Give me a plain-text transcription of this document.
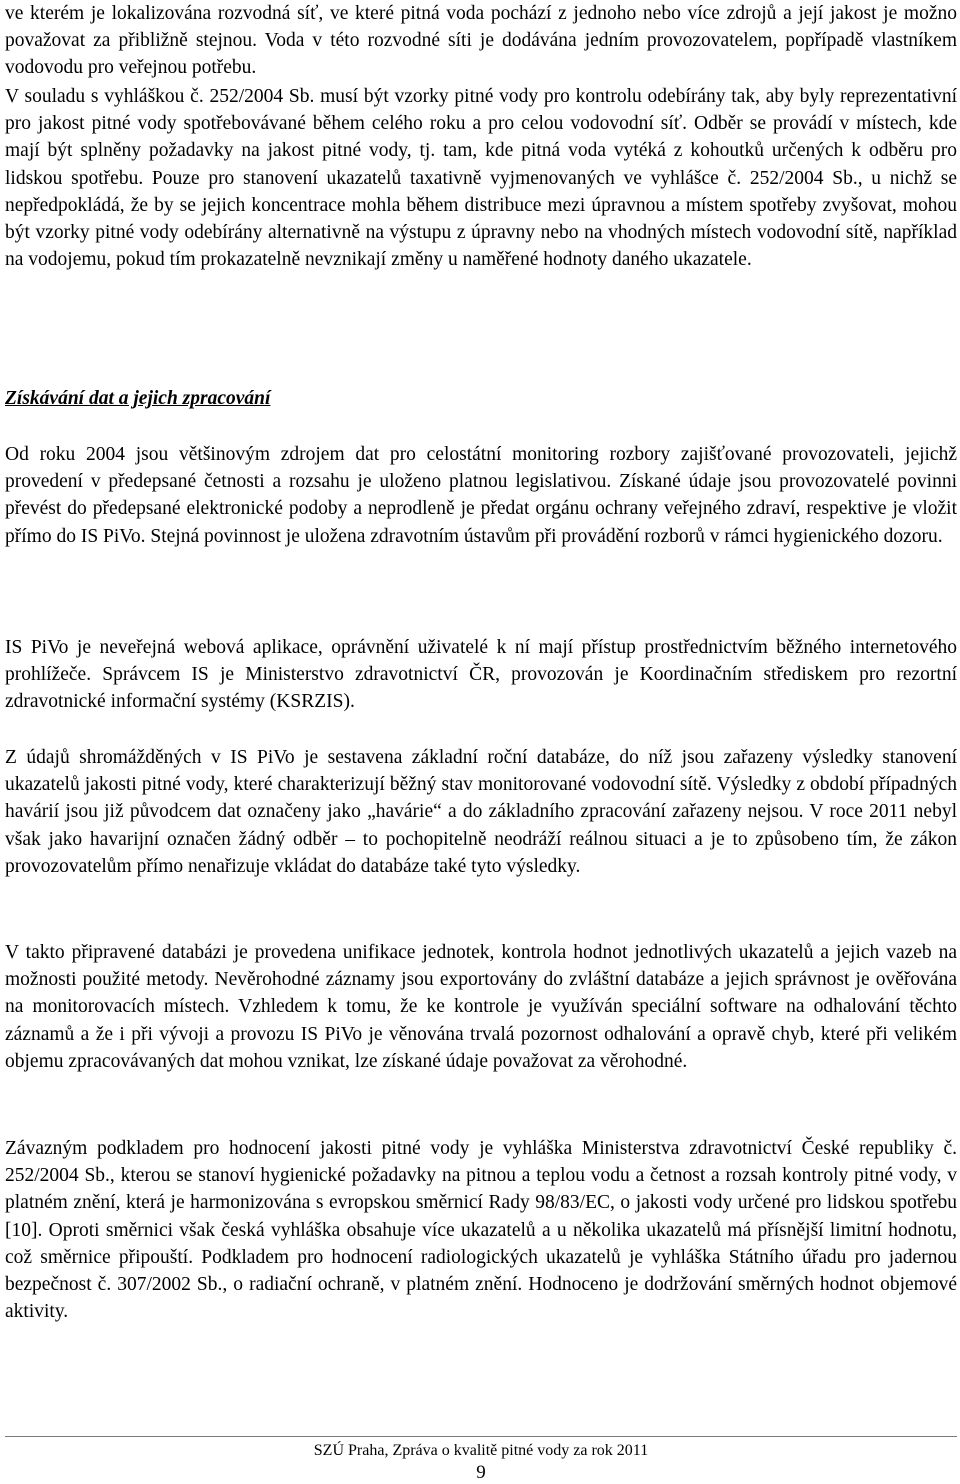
ve kterém je lokalizována rozvodná síť, ve které pitná voda pochází z jednoho nebo více zdrojů a její jakost je možno považovat za přibližně stejnou. Voda v této rozvodné síti je dodávána jedním provozovatelem, popřípadě vlastníkem vodovodu pro veřejnou potřebu.

V souladu s vyhláškou č. 252/2004 Sb. musí být vzorky pitné vody pro kontrolu odebírány tak, aby byly reprezentativní pro jakost pitné vody spotřebovávané během celého roku a pro celou vodovodní síť. Odběr se provádí v místech, kde mají být splněny požadavky na jakost pitné vody, tj. tam, kde pitná voda vytéká z kohoutků určených k odběru pro lidskou spotřebu. Pouze pro stanovení ukazatelů taxativně vyjmenovaných ve vyhlášce č. 252/2004 Sb., u nichž se nepředpokládá, že by se jejich koncentrace mohla během distribuce mezi úpravnou a místem spotřeby zvyšovat, mohou být vzorky pitné vody odebírány alternativně na výstupu z úpravny nebo na vhodných místech vodovodní sítě, například na vodojemu, pokud tím prokazatelně nevznikají změny u naměřené hodnoty daného ukazatele.

Získávání dat a jejich zpracování

Od roku 2004 jsou většinovým zdrojem dat pro celostátní monitoring rozbory zajišťované provozovateli, jejichž provedení v předepsané četnosti a rozsahu je uloženo platnou legislativou. Získané údaje jsou provozovatelé povinni převést do předepsané elektronické podoby a neprodleně je předat orgánu ochrany veřejného zdraví, respektive je vložit přímo do IS PiVo. Stejná povinnost je uložena zdravotním ústavům při provádění rozborů v rámci hygienického dozoru.

IS PiVo je neveřejná webová aplikace, oprávnění uživatelé k ní mají přístup prostřednictvím běžného internetového prohlížeče. Správcem IS je Ministerstvo zdravotnictví ČR, provozován je Koordinačním střediskem pro rezortní zdravotnické informační systémy (KSRZIS).

Z údajů shromážděných v IS PiVo je sestavena základní roční databáze, do níž jsou zařazeny výsledky stanovení ukazatelů jakosti pitné vody, které charakterizují běžný stav monitorované vodovodní sítě. Výsledky z období případných havárií jsou již původcem dat označeny jako „havárie“ a do základního zpracování zařazeny nejsou. V roce 2011 nebyl však jako havarijní označen žádný odběr – to pochopitelně neodráží reálnou situaci a je to způsobeno tím, že zákon provozovatelům přímo nenařizuje vkládat do databáze také tyto výsledky.

V takto připravené databázi je provedena unifikace jednotek, kontrola hodnot jednotlivých ukazatelů a jejich vazeb na možnosti použité metody. Nevěrohodné záznamy jsou exportovány do zvláštní databáze a jejich správnost je ověřována na monitorovacích místech. Vzhledem k tomu, že ke kontrole je využíván speciální software na odhalování těchto záznamů a že i při vývoji a provozu IS PiVo je věnována trvalá pozornost odhalování a opravě chyb, které při velikém objemu zpracovávaných dat mohou vznikat, lze získané údaje považovat za věrohodné.

Závazným podkladem pro hodnocení jakosti pitné vody je vyhláška Ministerstva zdravotnictví České republiky č. 252/2004 Sb., kterou se stanoví hygienické požadavky na pitnou a teplou vodu a četnost a rozsah kontroly pitné vody, v platném znění, která je harmonizována s evropskou směrnicí Rady 98/83/EC, o jakosti vody určené pro lidskou spotřebu [10]. Oproti směrnici však česká vyhláška obsahuje více ukazatelů a u několika ukazatelů má přísnější limitní hodnotu, což směrnice připouští. Podkladem pro hodnocení radiologických ukazatelů je vyhláška Státního úřadu pro jadernou bezpečnost č. 307/2002 Sb., o radiační ochraně, v platném znění. Hodnoceno je dodržování směrných hodnot objemové aktivity.

SZÚ Praha, Zpráva o kvalitě pitné vody za rok 2011
9
